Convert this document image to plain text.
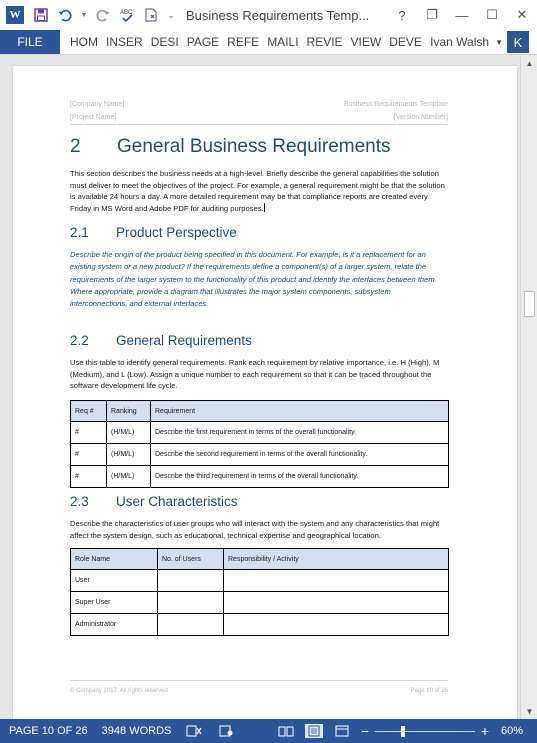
W	▼	ABC	⌄ Business Requirements Temp...	?	❐	—	☐	✕
FILE	HOM INSER DESI PAGE REFE MAILI REVIE VIEW DEVE Ivan Walsh ▼ K
[Company Name]	Business Requirements Template
[Project Name]	[Version Number]
2	General Business Requirements
This section describes the business needs at a high-level. Briefly describe the general capabilities the solution must deliver to meet the objectives of the project. For example, a general requirement might be that the solution is available 24 hours a day. A more detailed requirement may be that compliance reports are created every Friday in MS Word and Adobe PDF for auditing purposes.
2.1	Product Perspective
Describe the origin of the product being specified in this document. For example, is it a replacement for an existing system or a new product? If the requirements define a component(s) of a larger system, relate the requirements of the larger system to the functionality of this product and identify the interfaces between them. Where appropriate, provide a diagram that illustrates the major system components, subsystem interconnections, and external interfaces.
2.2	General Requirements
Use this table to identify general requirements. Rank each requirement by relative importance, i.e. H (High), M (Medium), and L (Low). Assign a unique number to each requirement so that it can be traced throughout the software development life cycle.
Req #	Ranking	Requirement
#	(H/M/L)	Describe the first requirement in terms of the overall functionality.
#	(H/M/L)	Describe the second requirement in terms of the overall functionality.
#	(H/M/L)	Describe the third requirement in terms of the overall functionality.
2.3	User Characteristics
Describe the characteristics of user groups who will interact with the system and any characteristics that might affect the system design, such as educational, technical expertise and geographical location.
Role Name	No. of Users	Responsibility / Activity
User		
Super User		
Administrator		
© Company 2017. All rights reserved	Page 10 of 26
▲
▼
PAGE 10 OF 26	3948 WORDS	−	+ 60%
